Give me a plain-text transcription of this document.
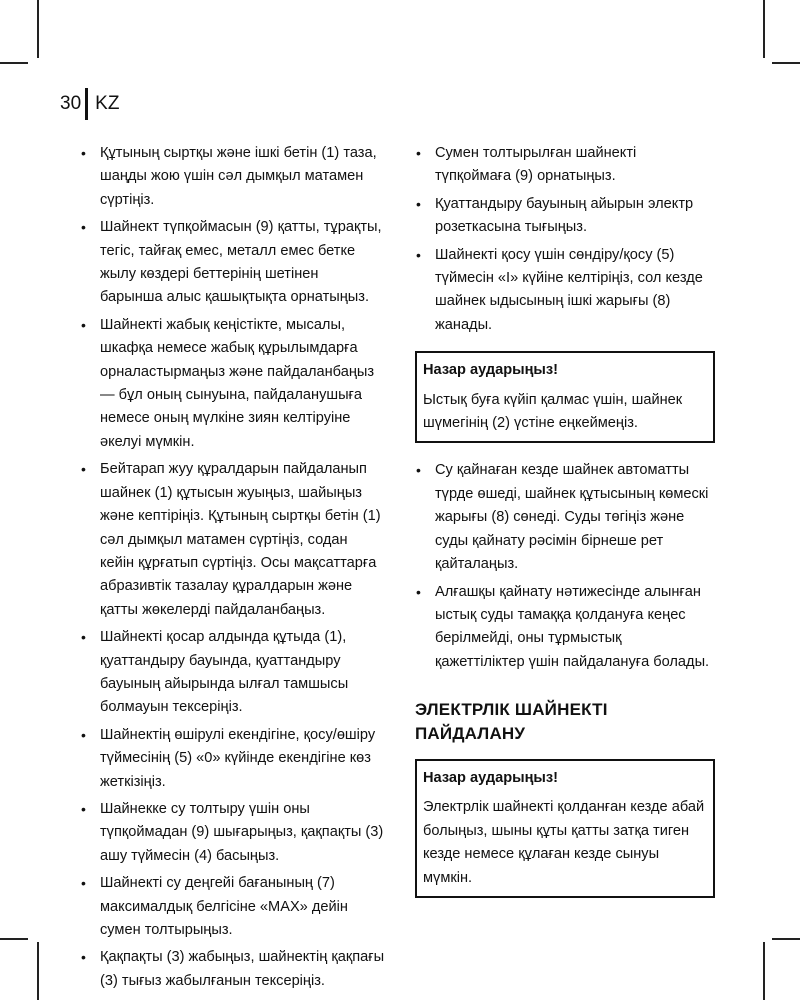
30 KZ
• Құтының сыртқы және ішкі бетін (1) таза, шаңды жою үшін сәл дымқыл матамен сүртіңіз.
• Шайнект түпқоймасын (9) қатты, тұрақты, тегіс, тайғақ емес, металл емес бетке жылу көздері беттерінің шетінен барынша алыс қашықтықта орнатыңыз.
• Шайнекті жабық кеңістікте, мысалы, шкафқа немесе жабық құрылымдарға орналастырмаңыз және пайдаланбаңыз — бұл оның сынуына, пайдаланушыға немесе оның мүлкіне зиян келтіруіне әкелуі мүмкін.
• Бейтарап жуу құралдарын пайдаланып шайнек (1) құтысын жуыңыз, шайыңыз және кептіріңіз. Құтының сыртқы бетін (1) сәл дымқыл матамен сүртіңіз, содан кейін құрғатып сүртіңіз. Осы мақсаттарға абразивтік тазалау құралдарын және қатты жөкелерді пайдаланбаңыз.
• Шайнекті қосар алдында құтыда (1), қуаттандыру бауында, қуаттандыру бауының айырында ылғал тамшысы болмауын тексеріңіз.
• Шайнектің өшірулі екендігіне, қосу/өшіру түймесінің (5) «0» күйінде екендігіне көз жеткізіңіз.
• Шайнекке су толтыру үшін оны түпқоймадан (9) шығарыңыз, қақпақты (3) ашу түймесін (4) басыңыз.
• Шайнекті су деңгейі бағанының (7) максималдық белгісіне «MAX» дейін сумен толтырыңыз.
• Қақпақты (3) жабыңыз, шайнектің қақпағы (3) тығыз жабылғанын тексеріңіз.
• Сумен толтырылған шайнекті түпқоймаға (9) орнатыңыз.
• Қуаттандыру бауының айырын электр розеткасына тығыңыз.
• Шайнекті қосу үшін сөндіру/қосу (5) түймесін «I» күйіне келтіріңіз, сол кезде шайнек ыдысының ішкі жарығы (8) жанады.
Назар аударыңыз!
Ыстық буға күйіп қалмас үшін, шайнек шүмегінің (2) үстіне еңкеймеңіз.
• Су қайнаған кезде шайнек автоматты түрде өшеді, шайнек құтысының көмескі жарығы (8) сөнеді. Суды төгіңіз және суды қайнату рәсімін бірнеше рет қайталаңыз.
• Алғашқы қайнату нәтижесінде алынған ыстық суды тамаққа қолдануға кеңес берілмейді, оны тұрмыстық қажеттіліктер үшін пайдалануға болады.
ЭЛЕКТРЛІК ШАЙНЕКТІ ПАЙДАЛАНУ
Назар аударыңыз!
Электрлік шайнекті қолданған кезде абай болыңыз, шыны құты қатты затқа тиген кезде немесе құлаған кезде сынуы мүмкін.
